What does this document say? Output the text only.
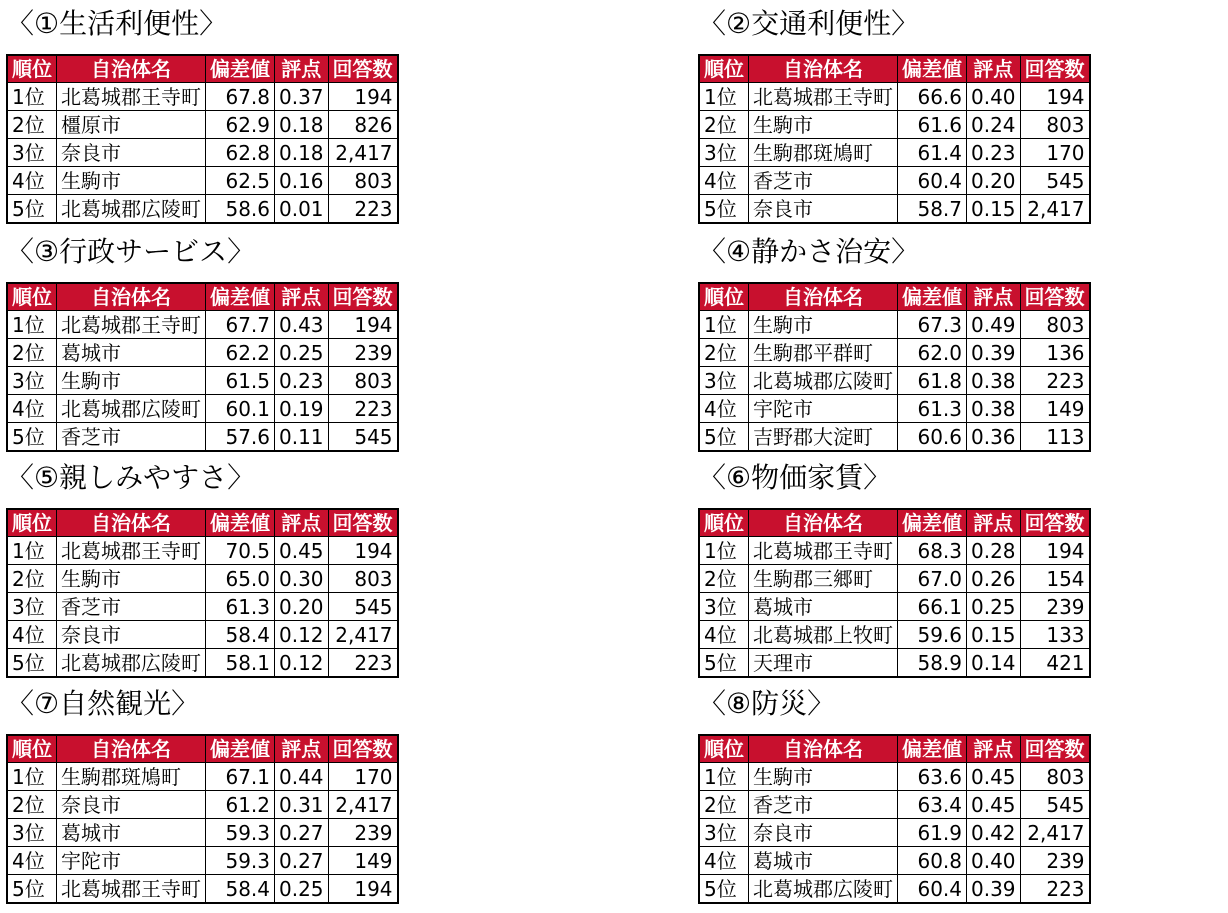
〈①生活利便性〉
順位	自治体名	偏差値	評点	回答数
1位	北葛城郡王寺町	67.8	0.37	194
2位	橿原市	62.9	0.18	826
3位	奈良市	62.8	0.18	2,417
4位	生駒市	62.5	0.16	803
5位	北葛城郡広陵町	58.6	0.01	223
〈②交通利便性〉
順位	自治体名	偏差値	評点	回答数
1位	北葛城郡王寺町	66.6	0.40	194
2位	生駒市	61.6	0.24	803
3位	生駒郡斑鳩町	61.4	0.23	170
4位	香芝市	60.4	0.20	545
5位	奈良市	58.7	0.15	2,417
〈③行政サービス〉
順位	自治体名	偏差値	評点	回答数
1位	北葛城郡王寺町	67.7	0.43	194
2位	葛城市	62.2	0.25	239
3位	生駒市	61.5	0.23	803
4位	北葛城郡広陵町	60.1	0.19	223
5位	香芝市	57.6	0.11	545
〈④静かさ治安〉
順位	自治体名	偏差値	評点	回答数
1位	生駒市	67.3	0.49	803
2位	生駒郡平群町	62.0	0.39	136
3位	北葛城郡広陵町	61.8	0.38	223
4位	宇陀市	61.3	0.38	149
5位	吉野郡大淀町	60.6	0.36	113
〈⑤親しみやすさ〉
順位	自治体名	偏差値	評点	回答数
1位	北葛城郡王寺町	70.5	0.45	194
2位	生駒市	65.0	0.30	803
3位	香芝市	61.3	0.20	545
4位	奈良市	58.4	0.12	2,417
5位	北葛城郡広陵町	58.1	0.12	223
〈⑥物価家賃〉
順位	自治体名	偏差値	評点	回答数
1位	北葛城郡王寺町	68.3	0.28	194
2位	生駒郡三郷町	67.0	0.26	154
3位	葛城市	66.1	0.25	239
4位	北葛城郡上牧町	59.6	0.15	133
5位	天理市	58.9	0.14	421
〈⑦自然観光〉
順位	自治体名	偏差値	評点	回答数
1位	生駒郡斑鳩町	67.1	0.44	170
2位	奈良市	61.2	0.31	2,417
3位	葛城市	59.3	0.27	239
4位	宇陀市	59.3	0.27	149
5位	北葛城郡王寺町	58.4	0.25	194
〈⑧防災〉
順位	自治体名	偏差値	評点	回答数
1位	生駒市	63.6	0.45	803
2位	香芝市	63.4	0.45	545
3位	奈良市	61.9	0.42	2,417
4位	葛城市	60.8	0.40	239
5位	北葛城郡広陵町	60.4	0.39	223
